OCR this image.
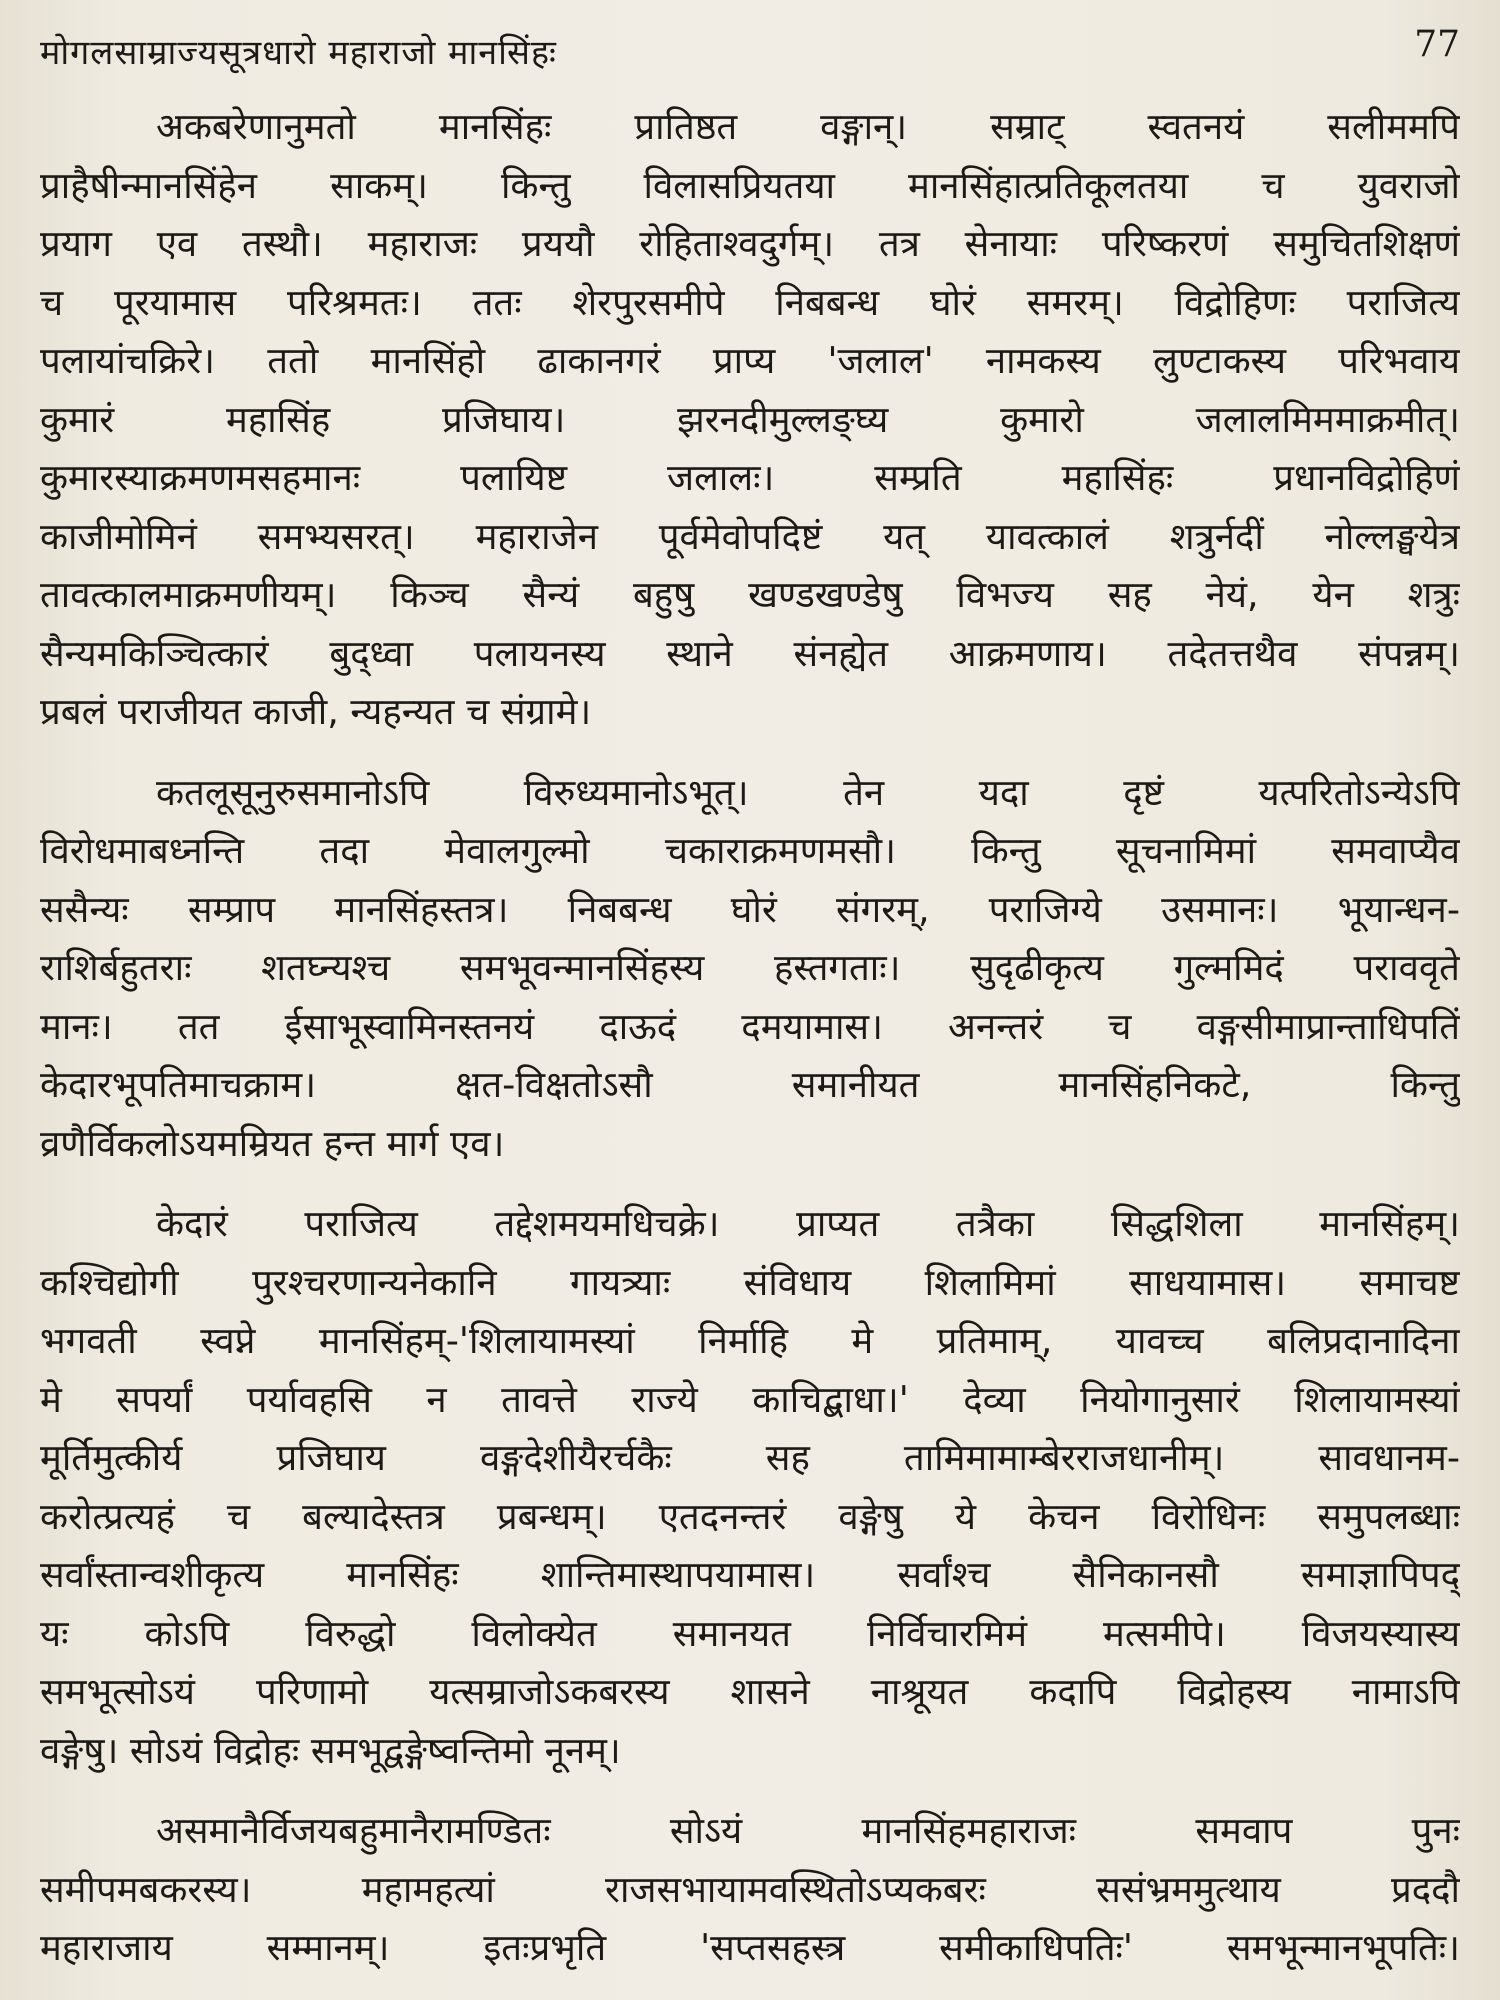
मोगलसाम्राज्यसूत्रधारो महाराजो मानसिंहः	77
अकबरेणानुमतो मानसिंहः प्रातिष्ठत वङ्गान्। सम्राट् स्वतनयं सलीममपि
प्राहैषीन्मानसिंहेन साकम्। किन्तु विलासप्रियतया मानसिंहात्प्रतिकूलतया च युवराजो
प्रयाग एव तस्थौ। महाराजः प्रययौ रोहिताश्वदुर्गम्। तत्र सेनायाः परिष्करणं समुचितशिक्षणं
च पूरयामास परिश्रमतः। ततः शेरपुरसमीपे निबबन्ध घोरं समरम्। विद्रोहिणः पराजित्य
पलायांचक्रिरे। ततो मानसिंहो ढाकानगरं प्राप्य 'जलाल' नामकस्य लुण्टाकस्य परिभवाय
कुमारं महासिंह प्रजिघाय। झरनदीमुल्लङ्घ्य कुमारो जलालमिममाक्रमीत्।
कुमारस्याक्रमणमसहमानः पलायिष्ट जलालः। सम्प्रति महासिंहः प्रधानविद्रोहिणं
काजीमोमिनं समभ्यसरत्। महाराजेन पूर्वमेवोपदिष्टं यत् यावत्कालं शत्रुर्नदीं नोल्लङ्घयेत्र
तावत्कालमाक्रमणीयम्। किञ्च सैन्यं बहुषु खण्डखण्डेषु विभज्य सह नेयं, येन शत्रुः
सैन्यमकिञ्चित्कारं बुद्ध्वा पलायनस्य स्थाने संनह्येत आक्रमणाय। तदेतत्तथैव संपन्नम्।
प्रबलं पराजीयत काजी, न्यहन्यत च संग्रामे।
कतलूसूनुरुसमानोऽपि विरुध्यमानोऽभूत्। तेन यदा दृष्टं यत्परितोऽन्येऽपि
विरोधमाबध्नन्ति तदा मेवालगुल्मो चकाराक्रमणमसौ। किन्तु सूचनामिमां समवाप्यैव
ससैन्यः सम्प्राप मानसिंहस्तत्र। निबबन्ध घोरं संगरम्, पराजिग्ये उसमानः। भूयान्धन-
राशिर्बहुतराः शतघ्न्यश्च समभूवन्मानसिंहस्य हस्तगताः। सुदृढीकृत्य गुल्ममिदं परावव‍ृते
मानः। तत ईसाभूस्वामिनस्तनयं दाऊदं दमयामास। अनन्तरं च वङ्गसीमाप्रान्ताधिपतिं
केदारभूपतिमाचक्राम। क्षत-विक्षतोऽसौ समानीयत मानसिंहनिकटे, किन्तु
व्रणैर्विकलोऽयमम्रियत हन्त मार्ग एव।
केदारं पराजित्य तद्देशमयमधिचक्रे। प्राप्यत तत्रैका सिद्धशिला मानसिंहम्।
कश्चिद्योगी पुरश्चरणान्यनेकानि गायत्र्याः संविधाय शिलामिमां साधयामास। समाचष्ट
भगवती स्वप्ने मानसिंहम्-'शिलायामस्यां निर्माहि मे प्रतिमाम्, यावच्च बलिप्रदानादिना
मे सपर्यां पर्यावहसि न तावत्ते राज्ये काचिद्बाधा।' देव्या नियोगानुसारं शिलायामस्यां
मूर्तिमुत्कीर्य प्रजिघाय वङ्गदेशीयैरर्चकैः सह तामिमामाम्बेरराजधानीम्। सावधानम-
करोत्प्रत्यहं च बल्यादेस्तत्र प्रबन्धम्। एतदनन्तरं वङ्गेषु ये केचन विरोधिनः समुपलब्धाः
सर्वांस्तान्वशीकृत्य मानसिंहः शान्तिमास्थापयामास। सर्वांश्च सैनिकानसौ समाज्ञापिपद्
यः कोऽपि विरुद्धो विलोक्येत समानयत निर्विचारमिमं मत्समीपे। विजयस्यास्य
समभूत्सोऽयं परिणामो यत्सम्राजोऽकबरस्य शासने नाश्रूयत कदापि विद्रोहस्य नामाऽपि
वङ्गेषु। सोऽयं विद्रोहः समभूद्वङ्गेष्वन्तिमो नूनम्।
असमानैर्विजयबहुमानैरामण्डितः सोऽयं मानसिंहमहाराजः समवाप पुनः
समीपमबकरस्य। महामहत्यां राजसभायामवस्थितोऽप्यकबरः ससंभ्रममुत्थाय प्रददौ
महाराजाय सम्मानम्। इतःप्रभृति 'सप्तसहस्त्र समीकाधिपतिः' समभून्मानभूपतिः।
